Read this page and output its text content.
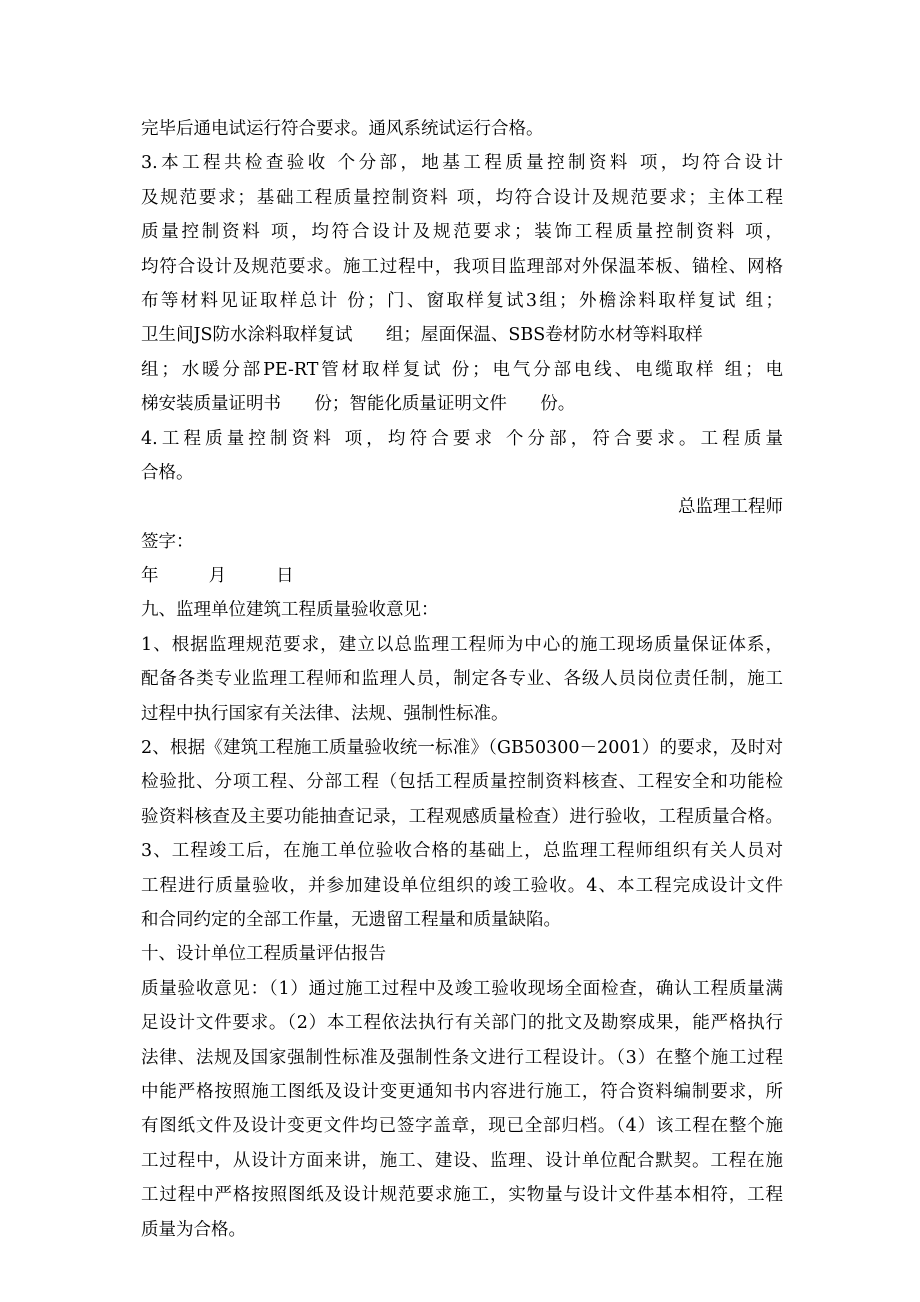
完毕后通电试运行符合要求。通风系统试运行合格。
3.本工程共检查验收 个分部，地基工程质量控制资料 项，均符合设计
及规范要求；基础工程质量控制资料 项，均符合设计及规范要求；主体工程
质量控制资料 项，均符合设计及规范要求；装饰工程质量控制资料 项，
均符合设计及规范要求。施工过程中，我项目监理部对外保温苯板、锚栓、网格
布等材料见证取样总计 份；门、窗取样复试3组；外檐涂料取样复试 组；
卫生间JS防水涂料取样复试      组；屋面保温、SBS卷材防水材等料取样
组；水暖分部PE-RT管材取样复试 份；电气分部电线、电缆取样 组；电
梯安装质量证明书      份；智能化质量证明文件      份。
4.工程质量控制资料 项，均符合要求 个分部，符合要求。工程质量
合格。
总监理工程师
签字：
年         月         日
九、监理单位建筑工程质量验收意见：
1、根据监理规范要求，建立以总监理工程师为中心的施工现场质量保证体系，
配备各类专业监理工程师和监理人员，制定各专业、各级人员岗位责任制，施工
过程中执行国家有关法律、法规、强制性标准。
2、根据《建筑工程施工质量验收统一标准》（GB50300－2001）的要求，及时对
检验批、分项工程、分部工程（包括工程质量控制资料核查、工程安全和功能检
验资料核查及主要功能抽查记录，工程观感质量检查）进行验收，工程质量合格。
3、工程竣工后，在施工单位验收合格的基础上，总监理工程师组织有关人员对
工程进行质量验收，并参加建设单位组织的竣工验收。4、本工程完成设计文件
和合同约定的全部工作量，无遗留工程量和质量缺陷。
十、设计单位工程质量评估报告
质量验收意见：（1）通过施工过程中及竣工验收现场全面检查，确认工程质量满
足设计文件要求。（2）本工程依法执行有关部门的批文及勘察成果，能严格执行
法律、法规及国家强制性标准及强制性条文进行工程设计。（3）在整个施工过程
中能严格按照施工图纸及设计变更通知书内容进行施工，符合资料编制要求，所
有图纸文件及设计变更文件均已签字盖章，现已全部归档。（4）该工程在整个施
工过程中，从设计方面来讲，施工、建设、监理、设计单位配合默契。工程在施
工过程中严格按照图纸及设计规范要求施工，实物量与设计文件基本相符，工程
质量为合格。
